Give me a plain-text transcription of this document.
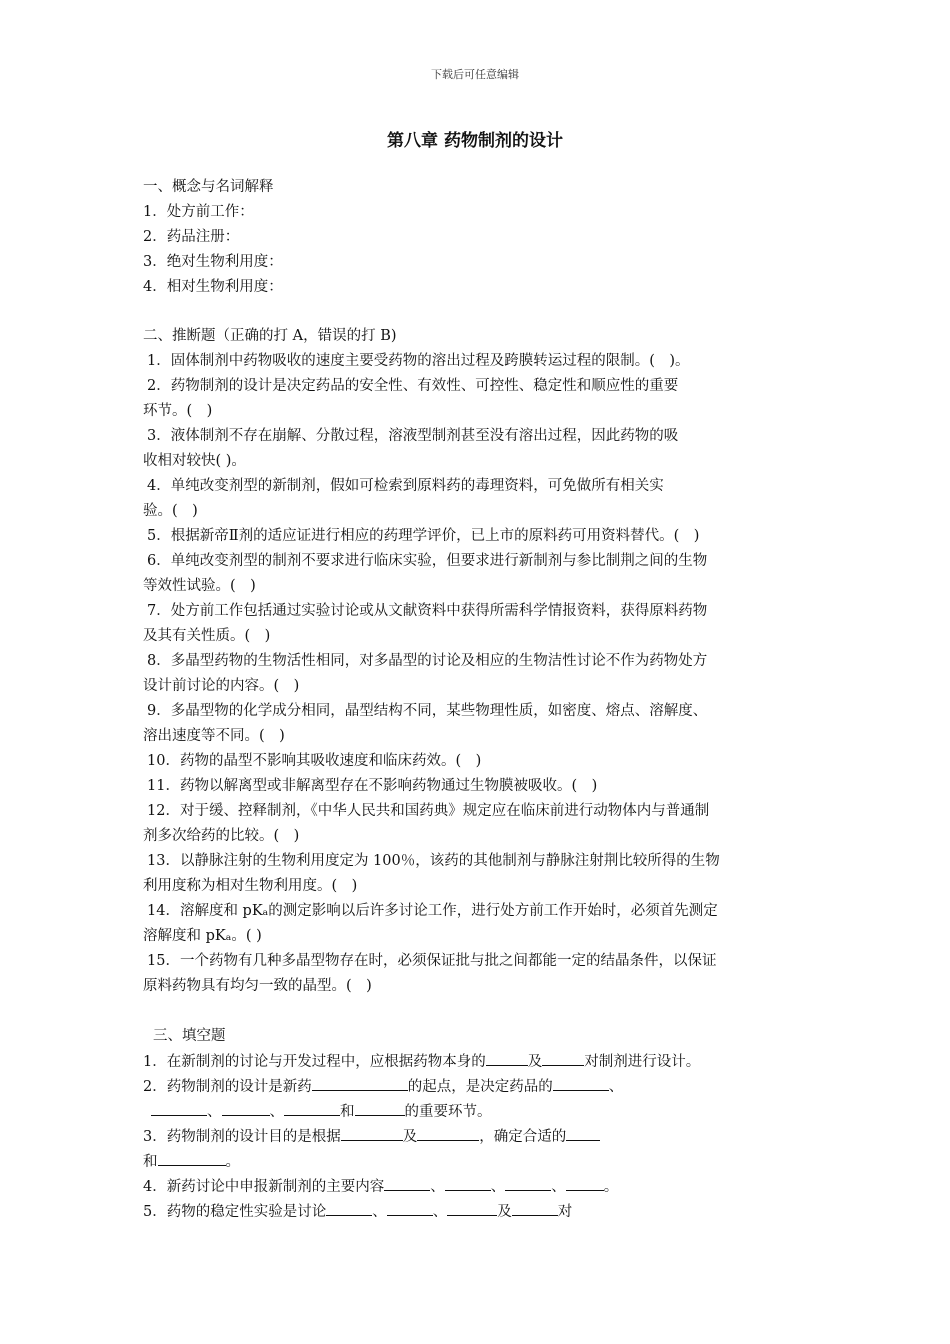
下载后可任意编辑
第八章 药物制剂的设计
一、概念与名词解释
1．处方前工作：
2．药品注册：
3．绝对生物利用度：
4．相对生物利用度：
二、推断题（正确的打 A，错误的打 B)
1．固体制剂中药物吸收的速度主要受药物的溶出过程及跨膜转运过程的限制。(　)。
2．药物制剂的设计是决定药品的安全性、有效性、可控性、稳定性和顺应性的重要
环节。(　)
3．液体制剂不存在崩解、分散过程，溶液型制剂甚至没有溶出过程，因此药物的吸
收相对较快( )。
4．单纯改变剂型的新制剂，假如可检索到原料药的毒理资料，可免做所有相关实
验。(　)
5．根据新帝Ⅱ剂的适应证进行相应的药理学评价，已上市的原料药可用资料替代。(　)
6．单纯改变剂型的制剂不要求进行临床实验，但要求进行新制剂与参比制荆之间的生物
等效性试验。(　)
7．处方前工作包括通过实验讨论或从文献资料中获得所需科学情报资料，获得原料药物
及其有关性质。(　)
8．多晶型药物的生物活性相同，对多晶型的讨论及相应的生物洁性讨论不作为药物处方
设计前讨论的内容。(　)
9．多晶型物的化学成分相同，晶型结构不同，某些物理性质，如密度、熔点、溶解度、
溶出速度等不同。(　)
10．药物的晶型不影响其吸收速度和临床药效。(　)
11．药物以解离型或非解离型存在不影响药物通过生物膜被吸收。(　)
12．对于缓、控释制剂，《中华人民共和国药典》规定应在临床前进行动物体内与普通制
剂多次给药的比较。(　)
13．以静脉注射的生物利用度定为 100％，该药的其他制剂与静脉注射荆比较所得的生物
利用度称为相对生物利用度。(　)
14．溶解度和 pKₐ的测定影响以后许多讨论工作，进行处方前工作开始时，必须首先测定
溶解度和 pKₐ。( )
15．一个药物有几种多晶型物存在时，必须保证批与批之间都能一定的结晶条件，以保证
原料药物具有均匀一致的晶型。(　)
三、填空题
1．在新制剂的讨论与开发过程中，应根据药物本身的	及	对制剂进行设计。
2．药物制剂的设计是新药	的起点，是决定药品的	、
、	、	和	的重要环节。
3．药物制剂的设计目的是根据	及	，确定合适的
和	。
4．新药讨论中申报新制剂的主要内容	、	、	、	。
5．药物的稳定性实验是讨论	、	、	及	对
